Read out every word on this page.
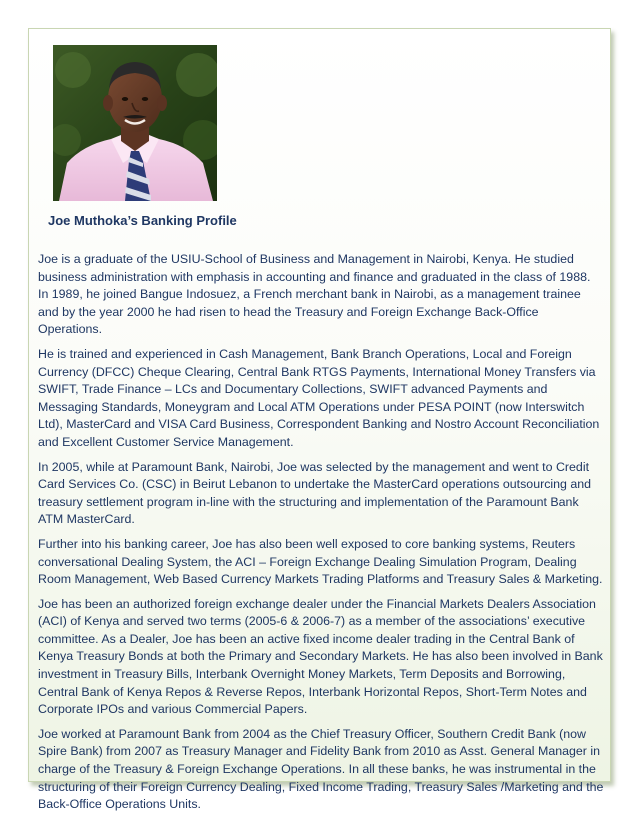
Joe Muthoka’s Banking Profile

Joe is a graduate of the USIU-School of Business and Management in Nairobi, Kenya. He studied business administration with emphasis in accounting and finance and graduated in the class of 1988. In 1989, he joined Bangue Indosuez, a French merchant bank in Nairobi, as a management trainee and by the year 2000 he had risen to head the Treasury and Foreign Exchange Back-Office Operations.

He is trained and experienced in Cash Management, Bank Branch Operations, Local and Foreign Currency (DFCC) Cheque Clearing, Central Bank RTGS Payments, International Money Transfers via SWIFT, Trade Finance – LCs and Documentary Collections, SWIFT advanced Payments and Messaging Standards, Moneygram and Local ATM Operations under PESA POINT (now Interswitch Ltd), MasterCard and VISA Card Business, Correspondent Banking and Nostro Account Reconciliation and Excellent Customer Service Management.

In 2005, while at Paramount Bank, Nairobi, Joe was selected by the management and went to Credit Card Services Co. (CSC) in Beirut Lebanon to undertake the MasterCard operations outsourcing and treasury settlement program in-line with the structuring and implementation of the Paramount Bank ATM MasterCard.

Further into his banking career, Joe has also been well exposed to core banking systems, Reuters conversational Dealing System, the ACI – Foreign Exchange Dealing Simulation Program, Dealing Room Management, Web Based Currency Markets Trading Platforms and Treasury Sales & Marketing.

Joe has been an authorized foreign exchange dealer under the Financial Markets Dealers Association (ACI) of Kenya and served two terms (2005-6 & 2006-7) as a member of the associations’ executive committee. As a Dealer, Joe has been an active fixed income dealer trading in the Central Bank of Kenya Treasury Bonds at both the Primary and Secondary Markets. He has also been involved in Bank investment in Treasury Bills, Interbank Overnight Money Markets, Term Deposits and Borrowing, Central Bank of Kenya Repos & Reverse Repos, Interbank Horizontal Repos, Short-Term Notes and Corporate IPOs and various Commercial Papers.

Joe worked at Paramount Bank from 2004 as the Chief Treasury Officer, Southern Credit Bank (now Spire Bank) from 2007 as Treasury Manager and Fidelity Bank from 2010 as Asst. General Manager in charge of the Treasury & Foreign Exchange Operations. In all these banks, he was instrumental in the structuring of their Foreign Currency Dealing, Fixed Income Trading, Treasury Sales /Marketing and the Back-Office Operations Units.
